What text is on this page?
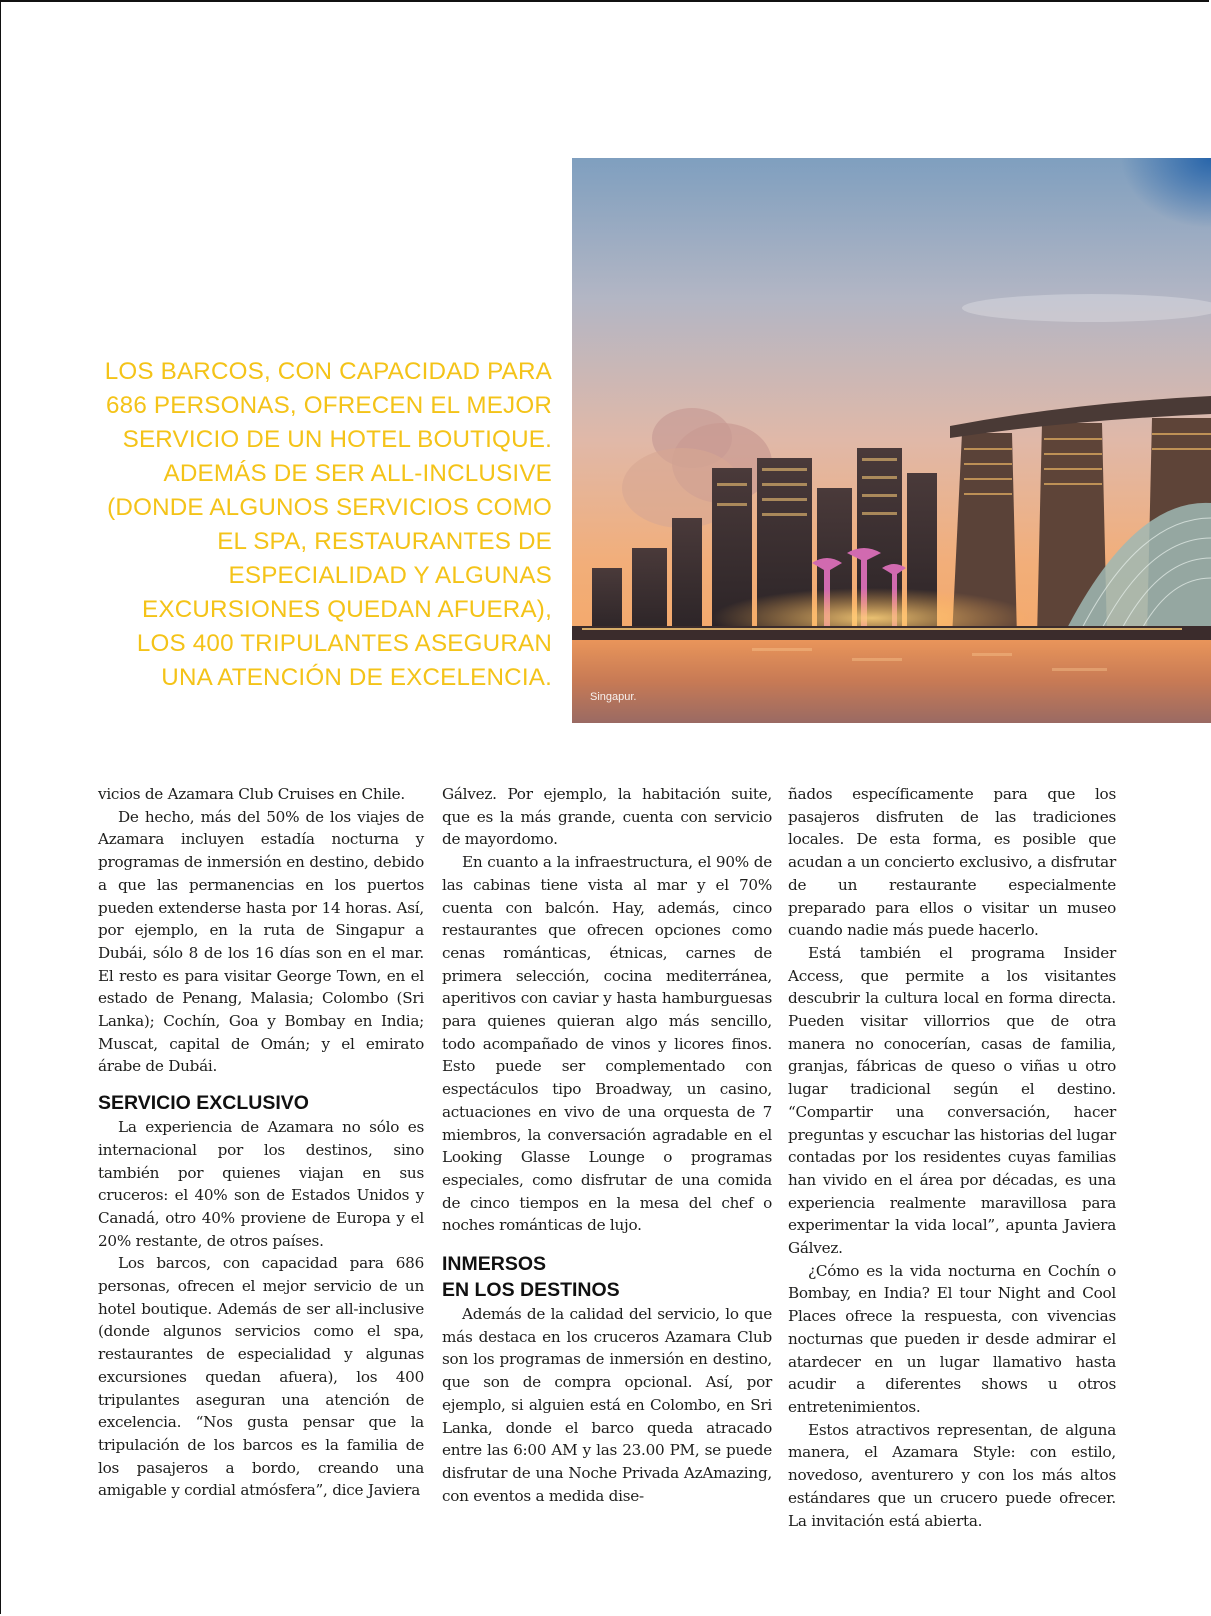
LOS BARCOS, CON CAPACIDAD PARA 686 PERSONAS, OFRECEN EL MEJOR SERVICIO DE UN HOTEL BOUTIQUE. ADEMÁS DE SER ALL-INCLUSIVE (DONDE ALGUNOS SERVICIOS COMO EL SPA, RESTAURANTES DE ESPECIALIDAD Y ALGUNAS EXCURSIONES QUEDAN AFUERA), LOS 400 TRIPULANTES ASEGURAN UNA ATENCIÓN DE EXCELENCIA.
Singapur.

vicios de Azamara Club Cruises en Chile.

De hecho, más del 50% de los viajes de Azamara incluyen estadía nocturna y programas de inmersión en destino, debido a que las permanencias en los puertos pueden extenderse hasta por 14 horas. Así, por ejemplo, en la ruta de Singapur a Dubái, sólo 8 de los 16 días son en el mar. El resto es para visitar George Town, en el estado de Penang, Malasia; Colombo (Sri Lanka); Cochín, Goa y Bombay en India; Muscat, capital de Omán; y el emirato árabe de Dubái.

SERVICIO EXCLUSIVO

La experiencia de Azamara no sólo es internacional por los destinos, sino también por quienes viajan en sus cruceros: el 40% son de Estados Unidos y Canadá, otro 40% proviene de Europa y el 20% restante, de otros países.

Los barcos, con capacidad para 686 personas, ofrecen el mejor servicio de un hotel boutique. Además de ser all-inclusive (donde algunos servicios como el spa, restaurantes de especialidad y algunas excursiones quedan afuera), los 400 tripulantes aseguran una atención de excelencia. “Nos gusta pensar que la tripulación de los barcos es la familia de los pasajeros a bordo, creando una amigable y cordial atmósfera”, dice Javiera

Gálvez. Por ejemplo, la habitación suite, que es la más grande, cuenta con servicio de mayordomo.

En cuanto a la infraestructura, el 90% de las cabinas tiene vista al mar y el 70% cuenta con balcón. Hay, además, cinco restaurantes que ofrecen opciones como cenas románticas, étnicas, carnes de primera selección, cocina mediterránea, aperitivos con caviar y hasta hamburguesas para quienes quieran algo más sencillo, todo acompañado de vinos y licores finos. Esto puede ser complementado con espectáculos tipo Broadway, un casino, actuaciones en vivo de una orquesta de 7 miembros, la conversación agradable en el Looking Glasse Lounge o programas especiales, como disfrutar de una comida de cinco tiempos en la mesa del chef o noches románticas de lujo.

INMERSOS
EN LOS DESTINOS

Además de la calidad del servicio, lo que más destaca en los cruceros Azamara Club son los programas de inmersión en destino, que son de compra opcional. Así, por ejemplo, si alguien está en Colombo, en Sri Lanka, donde el barco queda atracado entre las 6:00 AM y las 23.00 PM, se puede disfrutar de una Noche Privada AzAmazing, con eventos a medida dise-

ñados específicamente para que los pasajeros disfruten de las tradiciones locales. De esta forma, es posible que acudan a un concierto exclusivo, a disfrutar de un restaurante especialmente preparado para ellos o visitar un museo cuando nadie más puede hacerlo.

Está también el programa Insider Access, que permite a los visitantes descubrir la cultura local en forma directa. Pueden visitar villorrios que de otra manera no conocerían, casas de familia, granjas, fábricas de queso o viñas u otro lugar tradicional según el destino. “Compartir una conversación, hacer preguntas y escuchar las historias del lugar contadas por los residentes cuyas familias han vivido en el área por décadas, es una experiencia realmente maravillosa para experimentar la vida local”, apunta Javiera Gálvez.

¿Cómo es la vida nocturna en Cochín o Bombay, en India? El tour Night and Cool Places ofrece la respuesta, con vivencias nocturnas que pueden ir desde admirar el atardecer en un lugar llamativo hasta acudir a diferentes shows u otros entretenimientos.

Estos atractivos representan, de alguna manera, el Azamara Style: con estilo, novedoso, aventurero y con los más altos estándares que un crucero puede ofrecer. La invitación está abierta.
